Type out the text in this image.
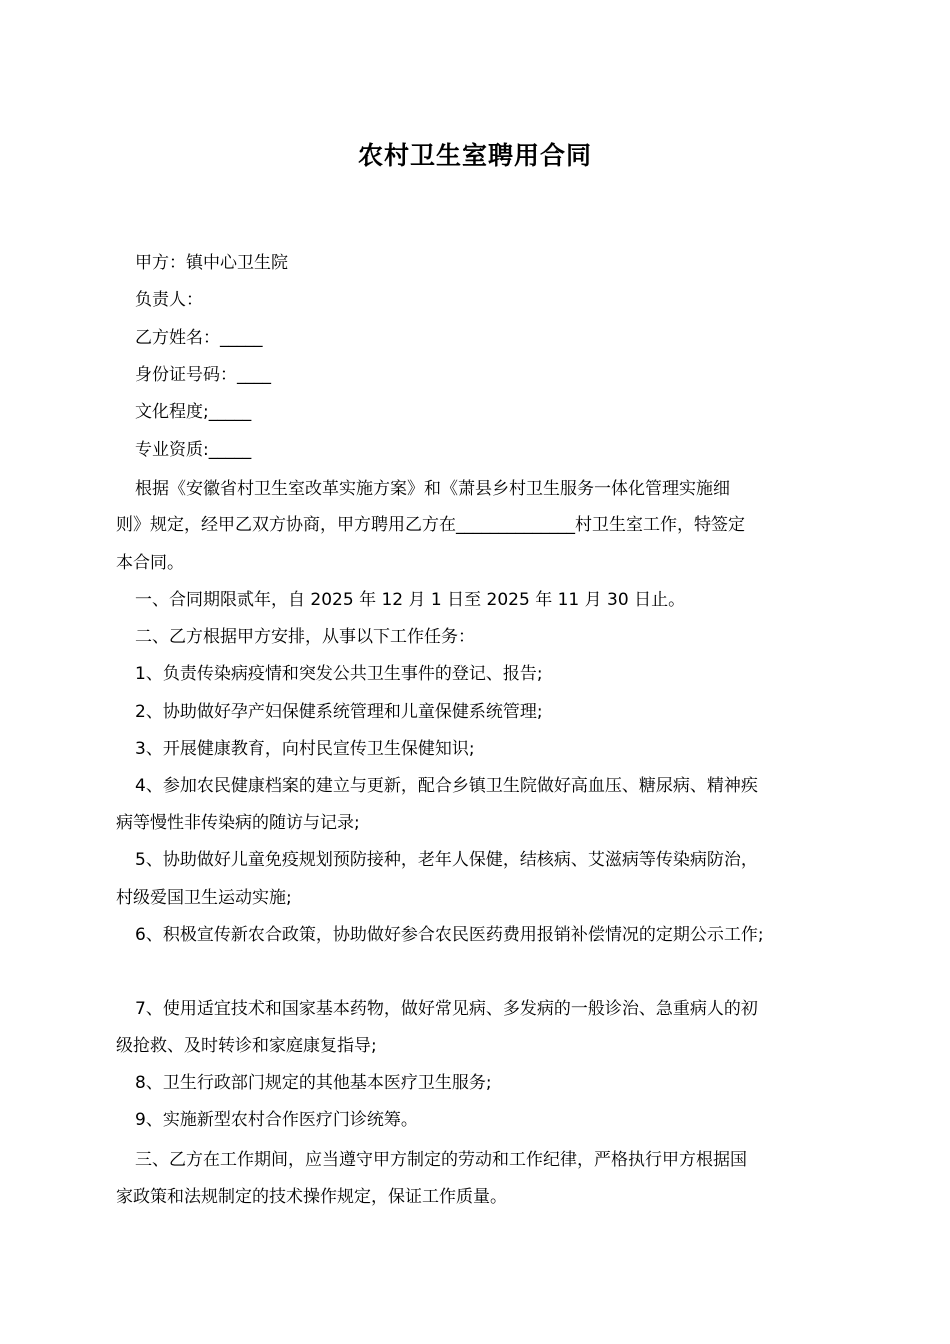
农村卫生室聘用合同

甲方：镇中心卫生院

负责人：

乙方姓名：_____

身份证号码：____

文化程度;_____

专业资质:_____

根据《安徽省村卫生室改革实施方案》和《萧县乡村卫生服务一体化管理实施细

则》规定，经甲乙双方协商，甲方聘用乙方在______________村卫生室工作，特签定

本合同。

一、合同期限贰年，自 2025 年 12 月 1 日至 2025 年 11 月 30 日止。

二、乙方根据甲方安排，从事以下工作任务：

1、负责传染病疫情和突发公共卫生事件的登记、报告;

2、协助做好孕产妇保健系统管理和儿童保健系统管理;

3、开展健康教育，向村民宣传卫生保健知识;

4、参加农民健康档案的建立与更新，配合乡镇卫生院做好高血压、糖尿病、精神疾

病等慢性非传染病的随访与记录;

5、协助做好儿童免疫规划预防接种，老年人保健，结核病、艾滋病等传染病防治，

村级爱国卫生运动实施;

6、积极宣传新农合政策，协助做好参合农民医药费用报销补偿情况的定期公示工作;

7、使用适宜技术和国家基本药物，做好常见病、多发病的一般诊治、急重病人的初

级抢救、及时转诊和家庭康复指导;

8、卫生行政部门规定的其他基本医疗卫生服务;

9、实施新型农村合作医疗门诊统筹。

三、乙方在工作期间，应当遵守甲方制定的劳动和工作纪律，严格执行甲方根据国

家政策和法规制定的技术操作规定，保证工作质量。
